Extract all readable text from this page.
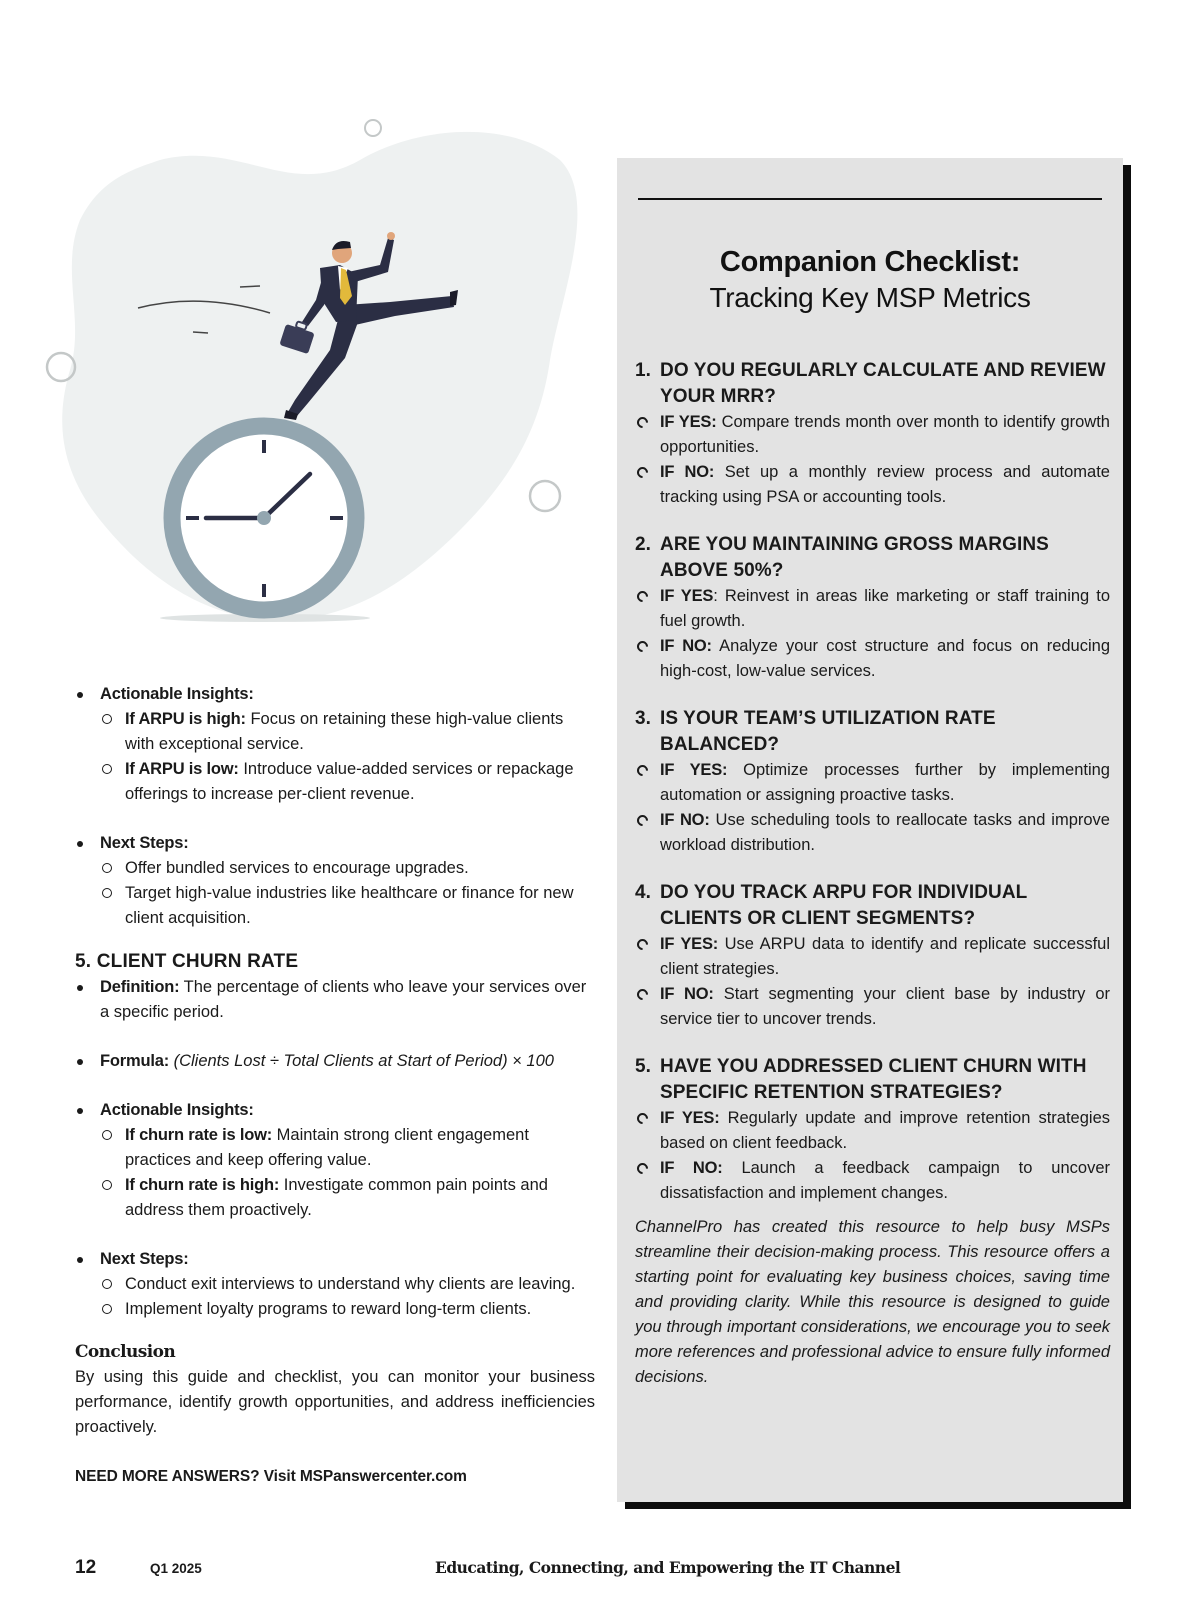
Actionable Insights:
If ARPU is high: Focus on retaining these high-value clients with exceptional service.
If ARPU is low: Introduce value-added services or repackage offerings to increase per-client revenue.
Next Steps:
Offer bundled services to encourage upgrades.
Target high-value industries like healthcare or finance for new client acquisition.
5. CLIENT CHURN RATE
Definition: The percentage of clients who leave your services over a specific period.
Formula: (Clients Lost ÷ Total Clients at Start of Period) × 100
Actionable Insights:
If churn rate is low: Maintain strong client engagement practices and keep offering value.
If churn rate is high: Investigate common pain points and address them proactively.
Next Steps:
Conduct exit interviews to understand why clients are leaving.
Implement loyalty programs to reward long-term clients.
Conclusion
By using this guide and checklist, you can monitor your business performance, identify growth opportunities, and address inefficiencies proactively.
NEED MORE ANSWERS? Visit MSPanswercenter.com
Companion Checklist:
Tracking Key MSP Metrics
1. DO YOU REGULARLY CALCULATE AND REVIEW YOUR MRR?
IF YES: Compare trends month over month to identify growth opportunities.
IF NO: Set up a monthly review process and automate tracking using PSA or accounting tools.
2. ARE YOU MAINTAINING GROSS MARGINS ABOVE 50%?
IF YES: Reinvest in areas like marketing or staff training to fuel growth.
IF NO: Analyze your cost structure and focus on reducing high-cost, low-value services.
3. IS YOUR TEAM’S UTILIZATION RATE BALANCED?
IF YES: Optimize processes further by implementing automation or assigning proactive tasks.
IF NO: Use scheduling tools to reallocate tasks and improve workload distribution.
4. DO YOU TRACK ARPU FOR INDIVIDUAL CLIENTS OR CLIENT SEGMENTS?
IF YES: Use ARPU data to identify and replicate successful client strategies.
IF NO: Start segmenting your client base by industry or service tier to uncover trends.
5. HAVE YOU ADDRESSED CLIENT CHURN WITH SPECIFIC RETENTION STRATEGIES?
IF YES: Regularly update and improve retention strategies based on client feedback.
IF NO: Launch a feedback campaign to uncover dissatisfaction and implement changes.
ChannelPro has created this resource to help busy MSPs streamline their decision-making process. This resource offers a starting point for evaluating key business choices, saving time and providing clarity. While this resource is designed to guide you through important considerations, we encourage you to seek more references and professional advice to ensure fully informed decisions.
12	Q1 2025	Educating, Connecting, and Empowering the IT Channel
